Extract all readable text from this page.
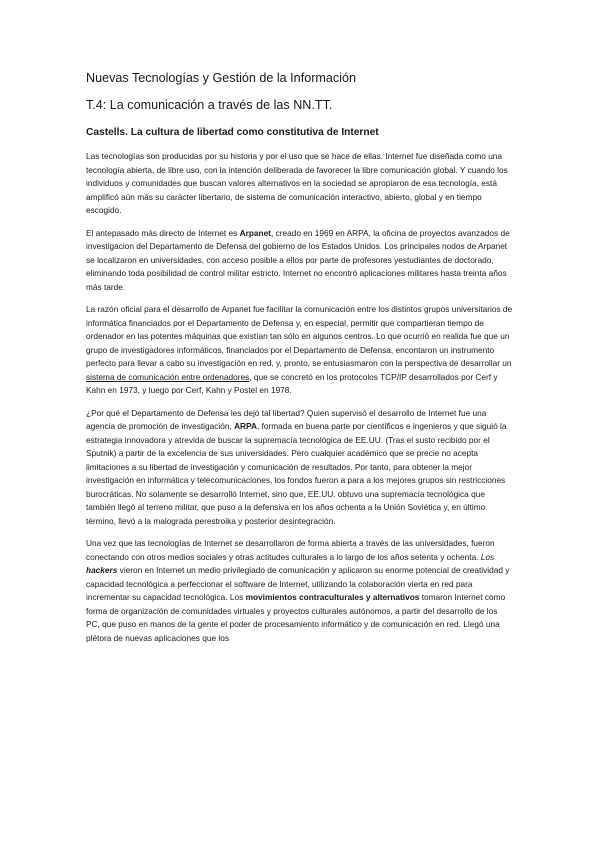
Nuevas Tecnologías y Gestión de la Información
T.4: La comunicación a través de las NN.TT.
Castells. La cultura de libertad como constitutiva de Internet

Las tecnologías son producidas por su historia y por el uso que se hace de ellas. Internet fue diseñada como una tecnología abierta, de libre uso, con la intención deliberada de favorecer la libre comunicación global. Y cuando los individuos y comunidades que buscan valores alternativos en la sociedad se apropiaron de esa tecnología, está amplificó aún más su carácter libertario, de sistema de comunicación interactivo, abierto, global y en tiempo escogido.

El antepasado más directo de Internet es Arpanet, creado en 1969 en ARPA, la oficina de proyectos avanzados de investigacion del Departamento de Defensa del gobierno de los Estados Unidos. Los principales nodos de Arpanet se localizaron en universidades, con acceso posible a ellos por parte de profesores yestudiantes de doctorado, eliminando toda posibilidad de control militar estricto. Internet no encontró aplicaciones militares hasta treinta años más tarde.

La razón oficial para el desarrollo de Arpanet fue facilitar la comunicación entre los distintos grupos universitarios de informática financiados por el Departamento de Defensa y, en especial, permitir que compartieran tiempo de ordenador en las potentes máquinas que existían tan sólo en algunos centros. Lo que ocurrió en realida fue que un grupo de investigadores informáticos, financiados por el Departamento de Defensa, encontaron un instrumento perfecto para llevar a cabo su investigación en red, y, pronto, se entusiasmaron con la perspectiva de desarrollar un sistema de comunicación entre ordenadores, que se concretó en los protocolos TCP/IP desarrollados por Cerf y Kahn en 1973, y luego por Cerf, Kahn y Postel en 1978.

¿Por qué el Departamento de Defensa les dejó tal libertad? Quien supervisó el desarrollo de Internet fue una agencia de promoción de investigación, ARPA, formada en buena parte por científicos e ingenieros y que siguió la estrategia innovadora y atrevida de buscar la supremacía tecnológica de EE.UU. (Tras el susto recibido por el Sputnik) a partir de la excelencia de sus universidades. Pero cualquier académico que se precie no acepta limitaciones a su libertad de investigación y comunicación de resultados. Por tanto, para obtener la mejor investigación en informática y telecomunicaciones, los fondos fueron a para a los mejores grupos sin restricciones burocráticas. No solamente se desarrolló Internet, sino que, EE.UU. obtuvo una supremacía tecnológica que también llegó al terreno militar, que puso a la defensiva en los años ochenta a la Unión Soviética y, en último término, llevó a la malograda perestroika y posterior desintegración.

Una vez que las tecnologías de Internet se desarrollaron de forma abierta a través de las universidades, fueron conectando con otros medios sociales y otras actitudes culturales a lo largo de los años setenta y ochenta. Los hackers vieron en Internet un medio privilegiado de comunicación y aplicaron su enorme potencial de creatividad y capacidad tecnológica a perfeccionar el software de Internet, utilizando la colaboración vierta en red para incrementar su capacidad tecnológica. Los movimientos contraculturales y alternativos tomaron Internet como forma de organización de comunidades virtuales y proyectos culturales autónomos, a partir del desarrollo de los PC, que puso en manos de la gente el poder de procesamiento informático y de comunicación en red. Llegó una plétora de nuevas aplicaciones que los
